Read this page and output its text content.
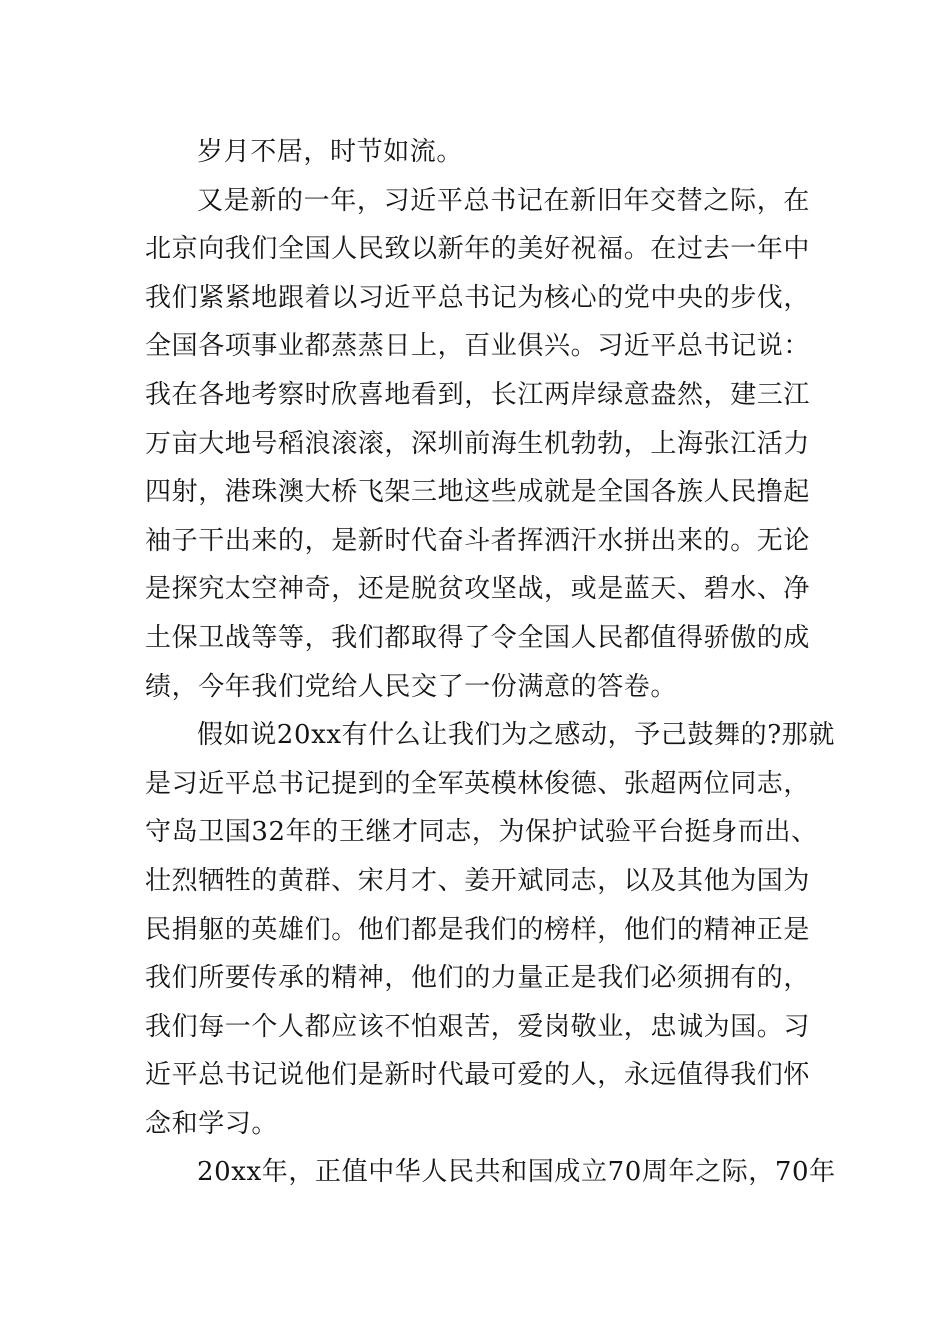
岁月不居，时节如流。
又是新的一年，习近平总书记在新旧年交替之际，在
北京向我们全国人民致以新年的美好祝福。在过去一年中
我们紧紧地跟着以习近平总书记为核心的党中央的步伐，
全国各项事业都蒸蒸日上，百业俱兴。习近平总书记说：
我在各地考察时欣喜地看到，长江两岸绿意盎然，建三江
万亩大地号稻浪滚滚，深圳前海生机勃勃，上海张江活力
四射，港珠澳大桥飞架三地这些成就是全国各族人民撸起
袖子干出来的，是新时代奋斗者挥洒汗水拼出来的。无论
是探究太空神奇，还是脱贫攻坚战，或是蓝天、碧水、净
土保卫战等等，我们都取得了令全国人民都值得骄傲的成
绩，今年我们党给人民交了一份满意的答卷。
假如说20xx有什么让我们为之感动，予己鼓舞的?那就
是习近平总书记提到的全军英模林俊德、张超两位同志，
守岛卫国32年的王继才同志，为保护试验平台挺身而出、
壮烈牺牲的黄群、宋月才、姜开斌同志，以及其他为国为
民捐躯的英雄们。他们都是我们的榜样，他们的精神正是
我们所要传承的精神，他们的力量正是我们必须拥有的，
我们每一个人都应该不怕艰苦，爱岗敬业，忠诚为国。习
近平总书记说他们是新时代最可爱的人，永远值得我们怀
念和学习。
20xx年，正值中华人民共和国成立70周年之际，70年
